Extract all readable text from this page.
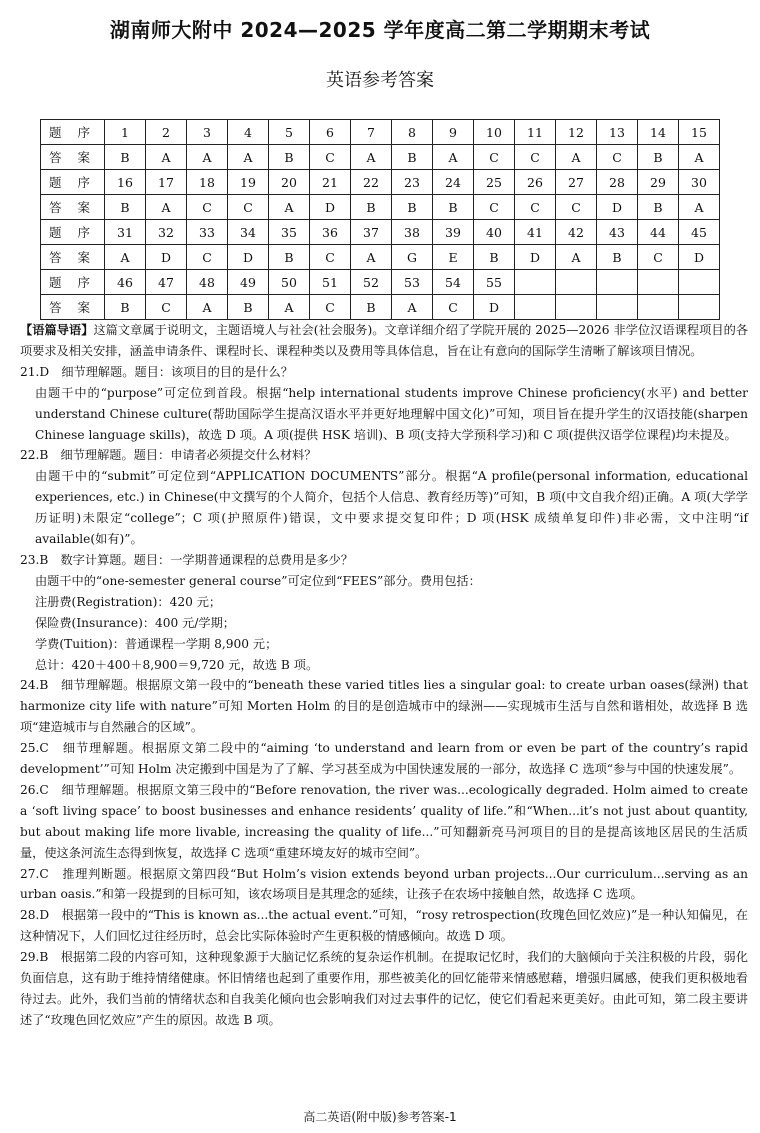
湖南师大附中 2024—2025 学年度高二第二学期期末考试
英语参考答案
题 序	1	2	3	4	5	6	7	8	9	10	11	12	13	14	15
答 案	B	A	A	A	B	C	A	B	A	C	C	A	C	B	A
题 序	16	17	18	19	20	21	22	23	24	25	26	27	28	29	30
答 案	B	A	C	C	A	D	B	B	B	C	C	C	D	B	A
题 序	31	32	33	34	35	36	37	38	39	40	41	42	43	44	45
答 案	A	D	C	D	B	C	A	G	E	B	D	A	B	C	D
题 序	46	47	48	49	50	51	52	53	54	55					
答 案	B	C	A	B	A	C	B	A	C	D					

【语篇导语】这篇文章属于说明文，主题语境人与社会(社会服务)。文章详细介绍了学院开展的 2025—2026 非学位汉语课程项目的各项要求及相关安排，涵盖申请条件、课程时长、课程种类以及费用等具体信息，旨在让有意向的国际学生清晰了解该项目情况。

21.D　细节理解题。题目：该项目的目的是什么？

由题干中的“purpose”可定位到首段。根据“help international students improve Chinese proficiency(水平) and better understand Chinese culture(帮助国际学生提高汉语水平并更好地理解中国文化)”可知，项目旨在提升学生的汉语技能(sharpen Chinese language skills)，故选 D 项。A 项(提供 HSK 培训)、B 项(支持大学预科学习)和 C 项(提供汉语学位课程)均未提及。

22.B　细节理解题。题目：申请者必须提交什么材料？

由题干中的“submit”可定位到“APPLICATION DOCUMENTS”部分。根据“A profile(personal information, educational experiences, etc.) in Chinese(中文撰写的个人简介，包括个人信息、教育经历等)”可知，B 项(中文自我介绍)正确。A 项(大学学历证明)未限定“college”；C 项(护照原件)错误，文中要求提交复印件；D 项(HSK 成绩单复印件)非必需，文中注明“if available(如有)”。

23.B　数字计算题。题目：一学期普通课程的总费用是多少？

由题干中的“one-semester general course”可定位到“FEES”部分。费用包括：

注册费(Registration)：420 元；

保险费(Insurance)：400 元/学期；

学费(Tuition)：普通课程一学期 8,900 元；

总计：420＋400＋8,900＝9,720 元，故选 B 项。

24.B　细节理解题。根据原文第一段中的“beneath these varied titles lies a singular goal: to create urban oases(绿洲) that harmonize city life with nature”可知 Morten Holm 的目的是创造城市中的绿洲——实现城市生活与自然和谐相处，故选择 B 选项“建造城市与自然融合的区域”。

25.C　细节理解题。根据原文第二段中的“aiming ‘to understand and learn from or even be part of the country’s rapid development’”可知 Holm 决定搬到中国是为了了解、学习甚至成为中国快速发展的一部分，故选择 C 选项“参与中国的快速发展”。

26.C　细节理解题。根据原文第三段中的“Before renovation, the river was...ecologically degraded. Holm aimed to create a ‘soft living space’ to boost businesses and enhance residents’ quality of life.”和“When...it’s not just about quantity, but about making life more livable, increasing the quality of life...”可知翻新亮马河项目的目的是提高该地区居民的生活质量，使这条河流生态得到恢复，故选择 C 选项“重建环境友好的城市空间”。

27.C　推理判断题。根据原文第四段“But Holm’s vision extends beyond urban projects...Our curriculum...serving as an urban oasis.”和第一段提到的目标可知，该农场项目是其理念的延续，让孩子在农场中接触自然，故选择 C 选项。

28.D　根据第一段中的“This is known as...the actual event.”可知，“rosy retrospection(玫瑰色回忆效应)”是一种认知偏见，在这种情况下，人们回忆过往经历时，总会比实际体验时产生更积极的情感倾向。故选 D 项。

29.B　根据第二段的内容可知，这种现象源于大脑记忆系统的复杂运作机制。在提取记忆时，我们的大脑倾向于关注积极的片段，弱化负面信息，这有助于维持情绪健康。怀旧情绪也起到了重要作用，那些被美化的回忆能带来情感慰藉，增强归属感，使我们更积极地看待过去。此外，我们当前的情绪状态和自我美化倾向也会影响我们对过去事件的记忆，使它们看起来更美好。由此可知，第二段主要讲述了“玫瑰色回忆效应”产生的原因。故选 B 项。

高二英语(附中版)参考答案-1
